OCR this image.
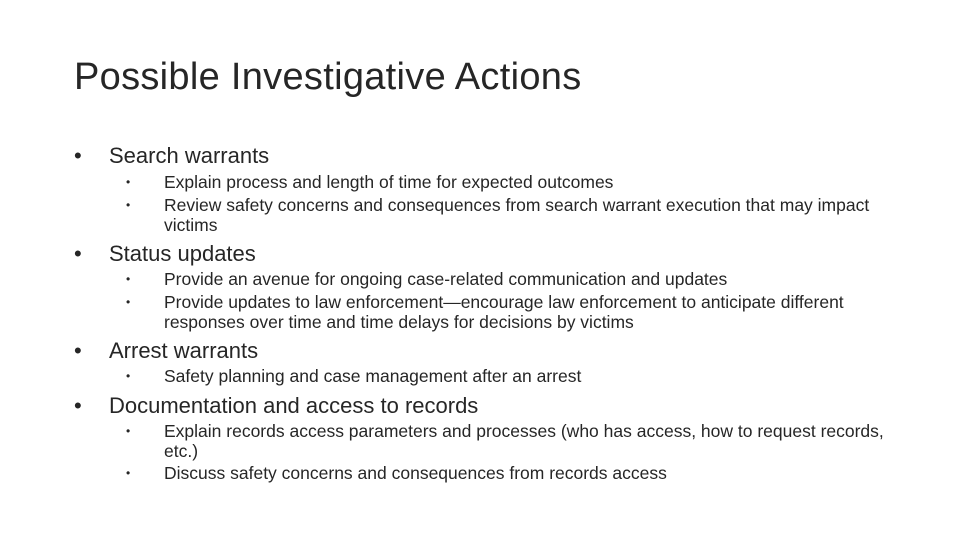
Possible Investigative Actions
• Search warrants
• Explain process and length of time for expected outcomes
• Review safety concerns and consequences from search warrant execution that may impact victims
• Status updates
• Provide an avenue for ongoing case-related communication and updates
• Provide updates to law enforcement—encourage law enforcement to anticipate different responses over time and time delays for decisions by victims
• Arrest warrants
• Safety planning and case management after an arrest
• Documentation and access to records
• Explain records access parameters and processes (who has access, how to request records, etc.)
• Discuss safety concerns and consequences from records access
